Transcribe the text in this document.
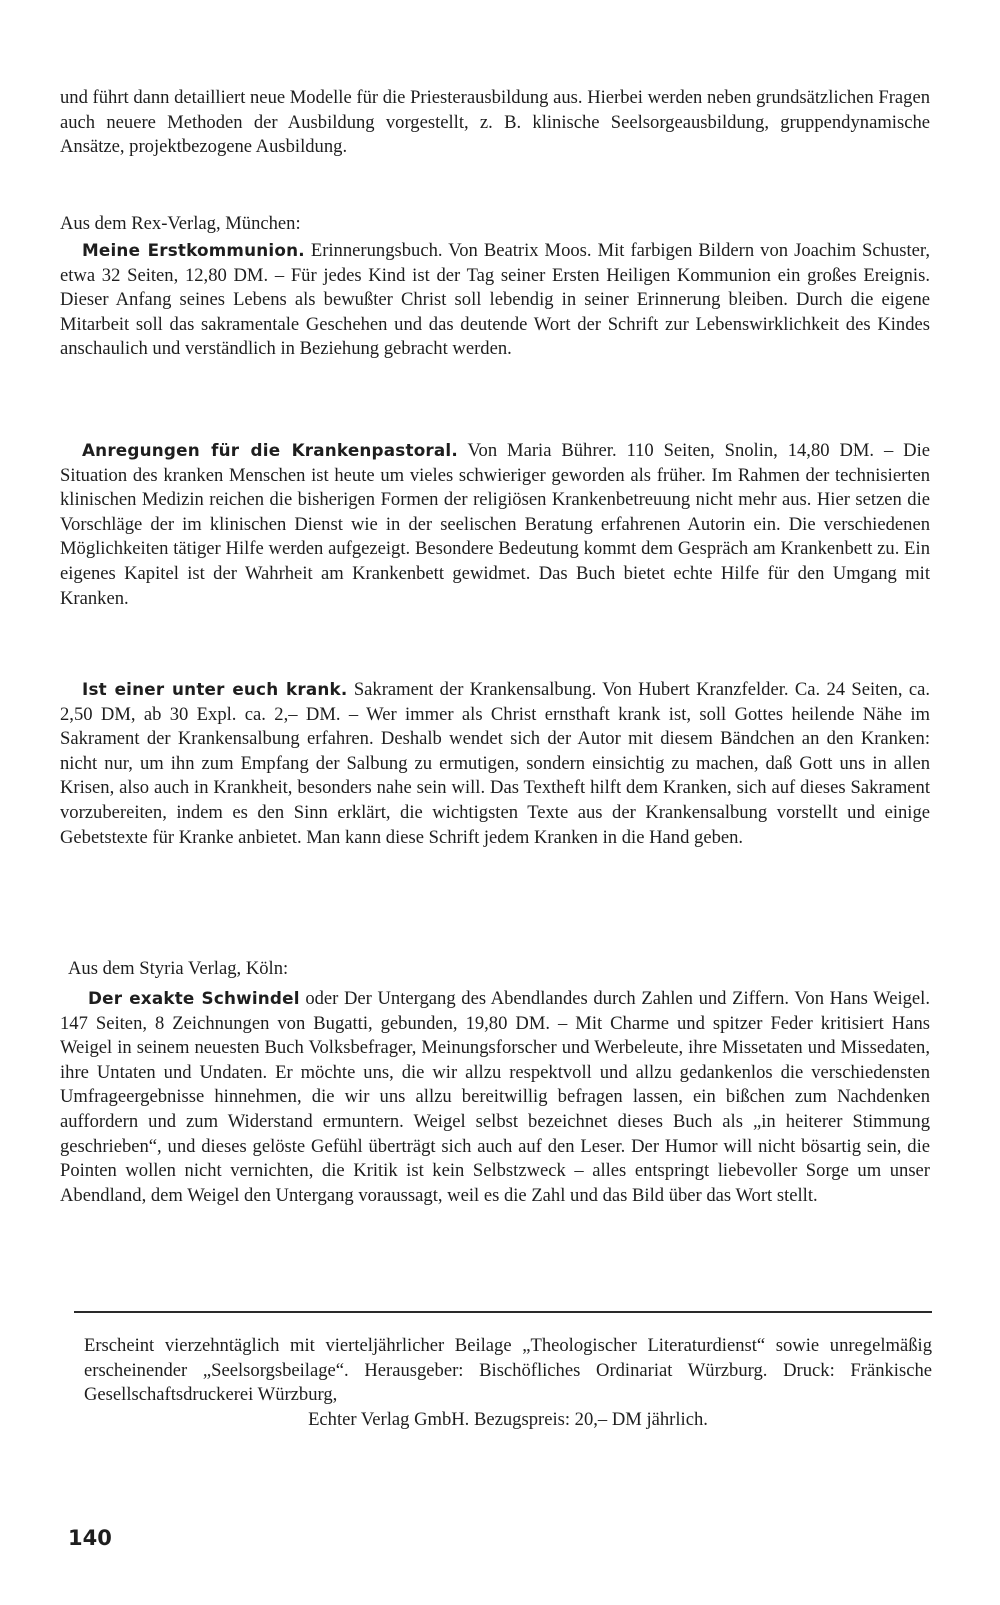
und führt dann detailliert neue Modelle für die Priesterausbildung aus. Hierbei werden neben grundsätzlichen Fragen auch neuere Methoden der Ausbildung vorgestellt, z. B. klinische Seelsorgeausbildung, gruppendynamische Ansätze, projektbezogene Ausbildung.

Aus dem Rex-Verlag, München:

Meine Erstkommunion. Erinnerungsbuch. Von Beatrix Moos. Mit farbigen Bildern von Joachim Schuster, etwa 32 Seiten, 12,80 DM. – Für jedes Kind ist der Tag seiner Ersten Heiligen Kommunion ein großes Ereignis. Dieser Anfang seines Lebens als bewußter Christ soll lebendig in seiner Erinnerung bleiben. Durch die eigene Mitarbeit soll das sakramentale Geschehen und das deutende Wort der Schrift zur Lebenswirklichkeit des Kindes anschaulich und verständlich in Beziehung gebracht werden.

Anregungen für die Krankenpastoral. Von Maria Bührer. 110 Seiten, Snolin, 14,80 DM. – Die Situation des kranken Menschen ist heute um vieles schwieriger geworden als früher. Im Rahmen der technisierten klinischen Medizin reichen die bisherigen Formen der religiösen Krankenbetreuung nicht mehr aus. Hier setzen die Vorschläge der im klinischen Dienst wie in der seelischen Beratung erfahrenen Autorin ein. Die verschiedenen Möglichkeiten tätiger Hilfe werden aufgezeigt. Besondere Bedeutung kommt dem Gespräch am Krankenbett zu. Ein eigenes Kapitel ist der Wahrheit am Krankenbett gewidmet. Das Buch bietet echte Hilfe für den Umgang mit Kranken.

Ist einer unter euch krank. Sakrament der Krankensalbung. Von Hubert Kranzfelder. Ca. 24 Seiten, ca. 2,50 DM, ab 30 Expl. ca. 2,– DM. – Wer immer als Christ ernsthaft krank ist, soll Gottes heilende Nähe im Sakrament der Krankensalbung erfahren. Deshalb wendet sich der Autor mit diesem Bändchen an den Kranken: nicht nur, um ihn zum Empfang der Salbung zu ermutigen, sondern einsichtig zu machen, daß Gott uns in allen Krisen, also auch in Krankheit, besonders nahe sein will. Das Textheft hilft dem Kranken, sich auf dieses Sakrament vorzubereiten, indem es den Sinn erklärt, die wichtigsten Texte aus der Krankensalbung vorstellt und einige Gebetstexte für Kranke anbietet. Man kann diese Schrift jedem Kranken in die Hand geben.

Aus dem Styria Verlag, Köln:

Der exakte Schwindel oder Der Untergang des Abendlandes durch Zahlen und Ziffern. Von Hans Weigel. 147 Seiten, 8 Zeichnungen von Bugatti, gebunden, 19,80 DM. – Mit Charme und spitzer Feder kritisiert Hans Weigel in seinem neuesten Buch Volksbefrager, Meinungsforscher und Werbeleute, ihre Missetaten und Missedaten, ihre Untaten und Undaten. Er möchte uns, die wir allzu respektvoll und allzu gedankenlos die verschiedensten Umfrageergebnisse hinnehmen, die wir uns allzu bereitwillig befragen lassen, ein bißchen zum Nachdenken auffordern und zum Widerstand ermuntern. Weigel selbst bezeichnet dieses Buch als „in heiterer Stimmung geschrieben“, und dieses gelöste Gefühl überträgt sich auch auf den Leser. Der Humor will nicht bösartig sein, die Pointen wollen nicht vernichten, die Kritik ist kein Selbstzweck – alles entspringt liebevoller Sorge um unser Abendland, dem Weigel den Untergang voraussagt, weil es die Zahl und das Bild über das Wort stellt.

Erscheint vierzehntäglich mit vierteljährlicher Beilage „Theologischer Literaturdienst“ sowie unregelmäßig erscheinender „Seelsorgsbeilage“. Herausgeber: Bischöfliches Ordinariat Würzburg. Druck: Fränkische Gesellschaftsdruckerei Würzburg,
Echter Verlag GmbH. Bezugspreis: 20,– DM jährlich.
140
